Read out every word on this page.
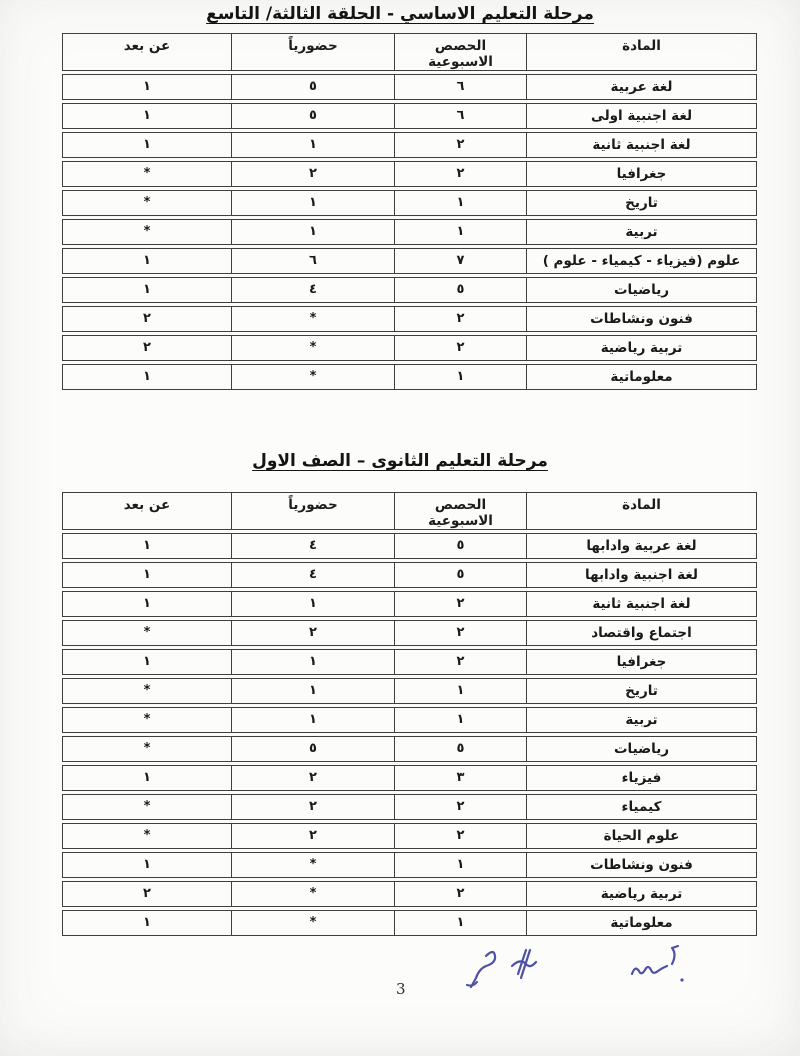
مرحلة التعليم الاساسي - الحلقة الثالثة/ التاسع
المادة
الحصص الاسبوعية
حضورياً
عن بعد
لغة عربية
٦
٥
١
لغة اجنبية اولى
٦
٥
١
لغة اجنبية ثانية
٢
١
١
جغرافيا
٢
٢
*
تاريخ
١
١
*
تربية
١
١
*
علوم (فيزياء - كيمياء - علوم )
٧
٦
١
رياضيات
٥
٤
١
فنون ونشاطات
٢
*
٢
تربية رياضية
٢
*
٢
معلوماتية
١
*
١
مرحلة التعليم الثانوى – الصف الاول
المادة
الحصص الاسبوعية
حضورياً
عن بعد
لغة عربية وادابها
٥
٤
١
لغة اجنبية وادابها
٥
٤
١
لغة اجنبية ثانية
٢
١
١
اجتماع واقتصاد
٢
٢
*
جغرافيا
٢
١
١
تاريخ
١
١
*
تربية
١
١
*
رياضيات
٥
٥
*
فيزياء
٣
٢
١
كيمياء
٢
٢
*
علوم الحياة
٢
٢
*
فنون ونشاطات
١
*
١
تربية رياضية
٢
*
٢
معلوماتية
١
*
١
3
